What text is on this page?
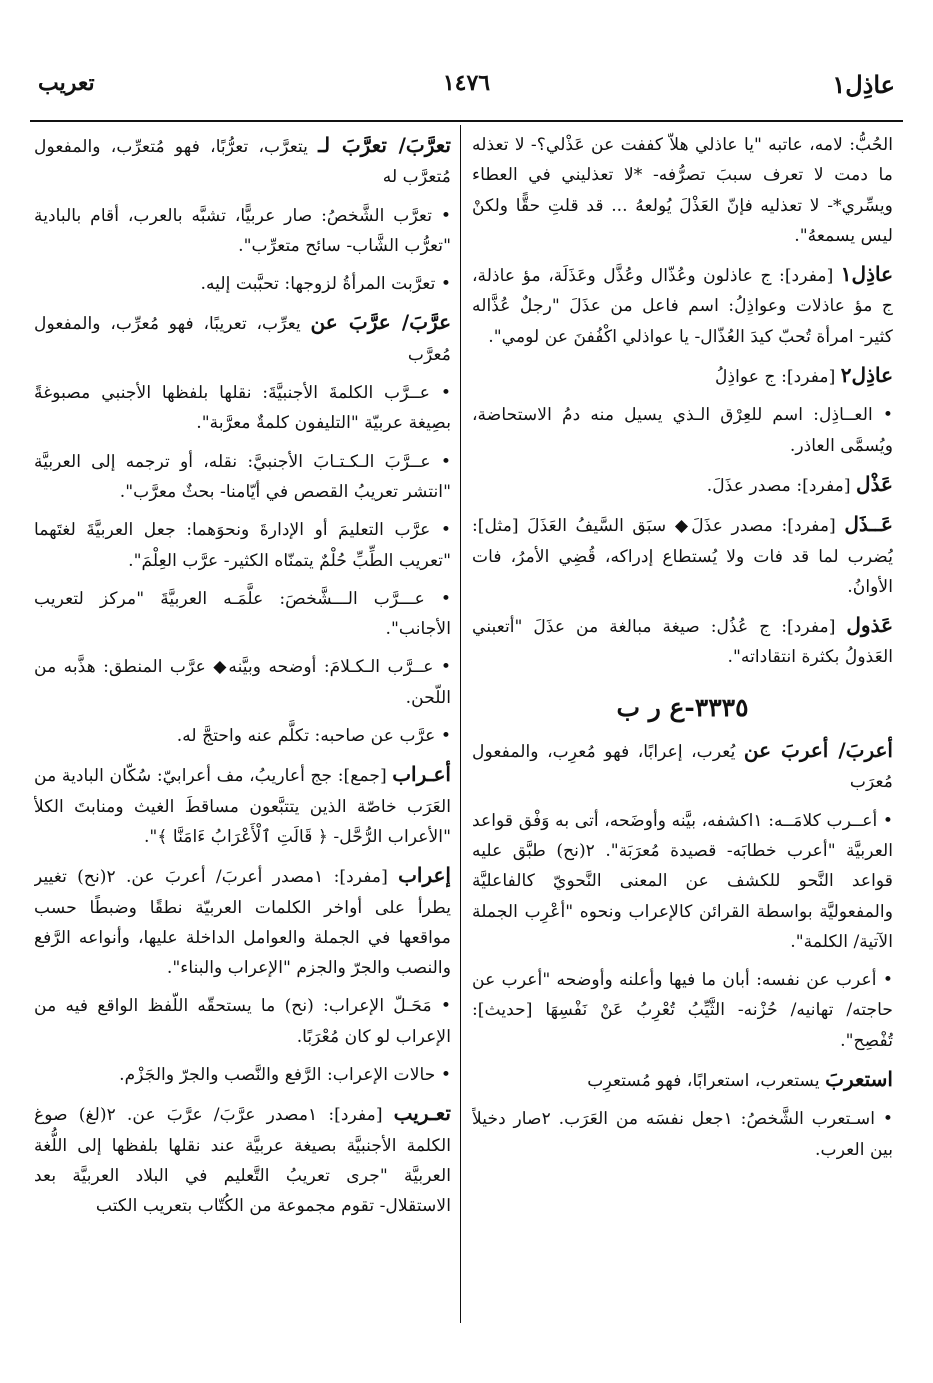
عاذِل١
١٤٧٦
تعريب
الحُبُّ: لامه، عاتبه "يا عاذلي هلاّ كففت عن عَذْلي؟- لا تعذله ما دمت لا تعرف سببَ تصرُّفه- *لا تعذليني في العطاء ويسِّري*- لا تعذليه فإنّ العَذْلَ يُولعهُ ... قد قلتِ حقًّا ولكنْ ليس يسمعهُ".
عاذِل١ [مفرد]: ج عاذلون وعُذّال وعُذَّل وعَذَلَة، مؤ عاذلة، ج مؤ عاذلات وعواذِلُ: اسم فاعل من عذَلَ "رجلٌ عُذَّاله كثير- امرأة تُحبّ كيدَ العُذّال- يا عواذلي اكْفُفنَ عن لومي".
عاذِل٢ [مفرد]: ج عواذِلُ
• العــاذِل: اسم للعِرْق الـذي يسيل منه دمُ الاستحاضة، ويُسمَّى العاذر.
عَذْل [مفرد]: مصدر عذَلَ.
عَــذَل [مفرد]: مصدر عذَلَ◆ سبَق السَّيفُ العَذَلَ [مثل]: يُضرب لما قد فات ولا يُستطاع إدراكه، قُضِي الأمرُ، فات الأوانُ.
عَذول [مفرد]: ج عُذُل: صيغة مبالغة من عذَلَ "أتعبني العَذولُ بكثرة انتقاداته".
٣٣٣٥-ع ر ب
أعربَ/ أعربَ عن يُعرب، إعرابًا، فهو مُعرِب، والمفعول مُعرَب
• أعــرب كلامَــه: ١اكشفه، بيَّنه وأوضَحه، أتى به وَفْق قواعد العربيَّة "أعرب خطابَه- قصيدة مُعرَبَة". ٢(نح) طبَّق عليه قواعد النَّحو للكشف عن المعنى النَّحويّ كالفاعليَّة والمفعوليَّة بواسطة القرائن كالإعراب ونحوه "أعْرِب الجملة الآتية/ الكلمة".
• أعرب عن نفسه: أبان ما فيها وأعلنه وأوضحه "أعرب عن حاجته/ تهانيه/ حُزْنه- الثَّيِّبُ تُعْرِبُ عَنْ نَفْسِهَا [حديث]: تُفْصِح".
استعربَ يستعرب، استعرابًا، فهو مُستعرِب
• اسـتعرب الشَّخصُ: ١جعل نفسَه من العَرَب. ٢صار دخيلاً بين العرب.
تعرَّبَ/ تعرَّبَ لـ يتعرَّب، تعرُّبًا، فهو مُتعرِّب، والمفعول مُتعرَّب له
• تعرَّب الشَّخصُ: صار عربيًّا، تشبَّه بالعرب، أقام بالبادية "تعرُّب الشَّاب- سائح متعرِّب".
• تعرَّبت المرأةُ لزوجها: تحبَّبت إليه.
عرَّبَ/ عرَّبَ عن يعرِّب، تعريبًا، فهو مُعرِّب، والمفعول مُعرَّب
• عــرَّب الكلمةَ الأجنبيَّةَ: نقلها بلفظها الأجنبي مصبوغةً بصِيغة عربيّة "التليفون كلمةٌ معرَّبة".
• عــرَّبَ الـكـتـابَ الأجنبيَّ: نقله، أو ترجمه إلى العربيَّة "انتشر تعريبُ القصص في أيّامنا- بحثٌ معرَّب".
• عرَّب التعليمَ أو الإدارةَ ونحوَهما: جعل العربيَّةَ لغتَهما "تعريب الطِّبِّ حُلْمٌ يتمنّاه الكثير- عرَّب العِلْمَ".
• عـــرَّب الـــشَّخصَ: علَّمَـه العربيَّةَ "مركز لتعريب الأجانب".
• عــرَّب الـكـلامَ: أوضحه وبيَّنه◆ عرَّب المنطق: هذَّبه من اللّحن.
• عرَّب عن صاحبه: تكلَّم عنه واحتجَّ له.
أعـراب [جمع]: جج أعاريبُ، مف أعرابيّ: سُكّان البادية من العَرَب خاصّة الذين يتتبَّعون مساقطَ الغيث ومنابتَ الكلأ "الأعراب الرُّحَّل- ﴿ قَالَتِ ٱلْأَعْرَابُ ءَامَنَّا ﴾".
إعراب [مفرد]: ١مصدر أعربَ/ أعربَ عن. ٢(نح) تغيير يطرأ على أواخر الكلمات العربيّة نطقًا وضبطًا حسب مواقعها في الجملة والعوامل الداخلة عليها، وأنواعه الرَّفع والنصب والجرّ والجزم "الإعراب والبناء".
• مَحَـلّ الإعراب: (نح) ما يستحقّه اللّفظ الواقع فيه من الإعراب لو كان مُعْرَبًا.
• حالات الإعراب: الرَّفع والنَّصب والجرّ والجَزْم.
تعـريب [مفرد]: ١مصدر عرَّبَ/ عرَّبَ عن. ٢(لغ) صوغ الكلمة الأجنبيَّة بصيغة عربيَّة عند نقلها بلفظها إلى اللُّغة العربيَّة "جرى تعريبُ التَّعليم في البلاد العربيَّة بعد الاستقلال- تقوم مجموعة من الكُتّاب بتعريب الكتب
